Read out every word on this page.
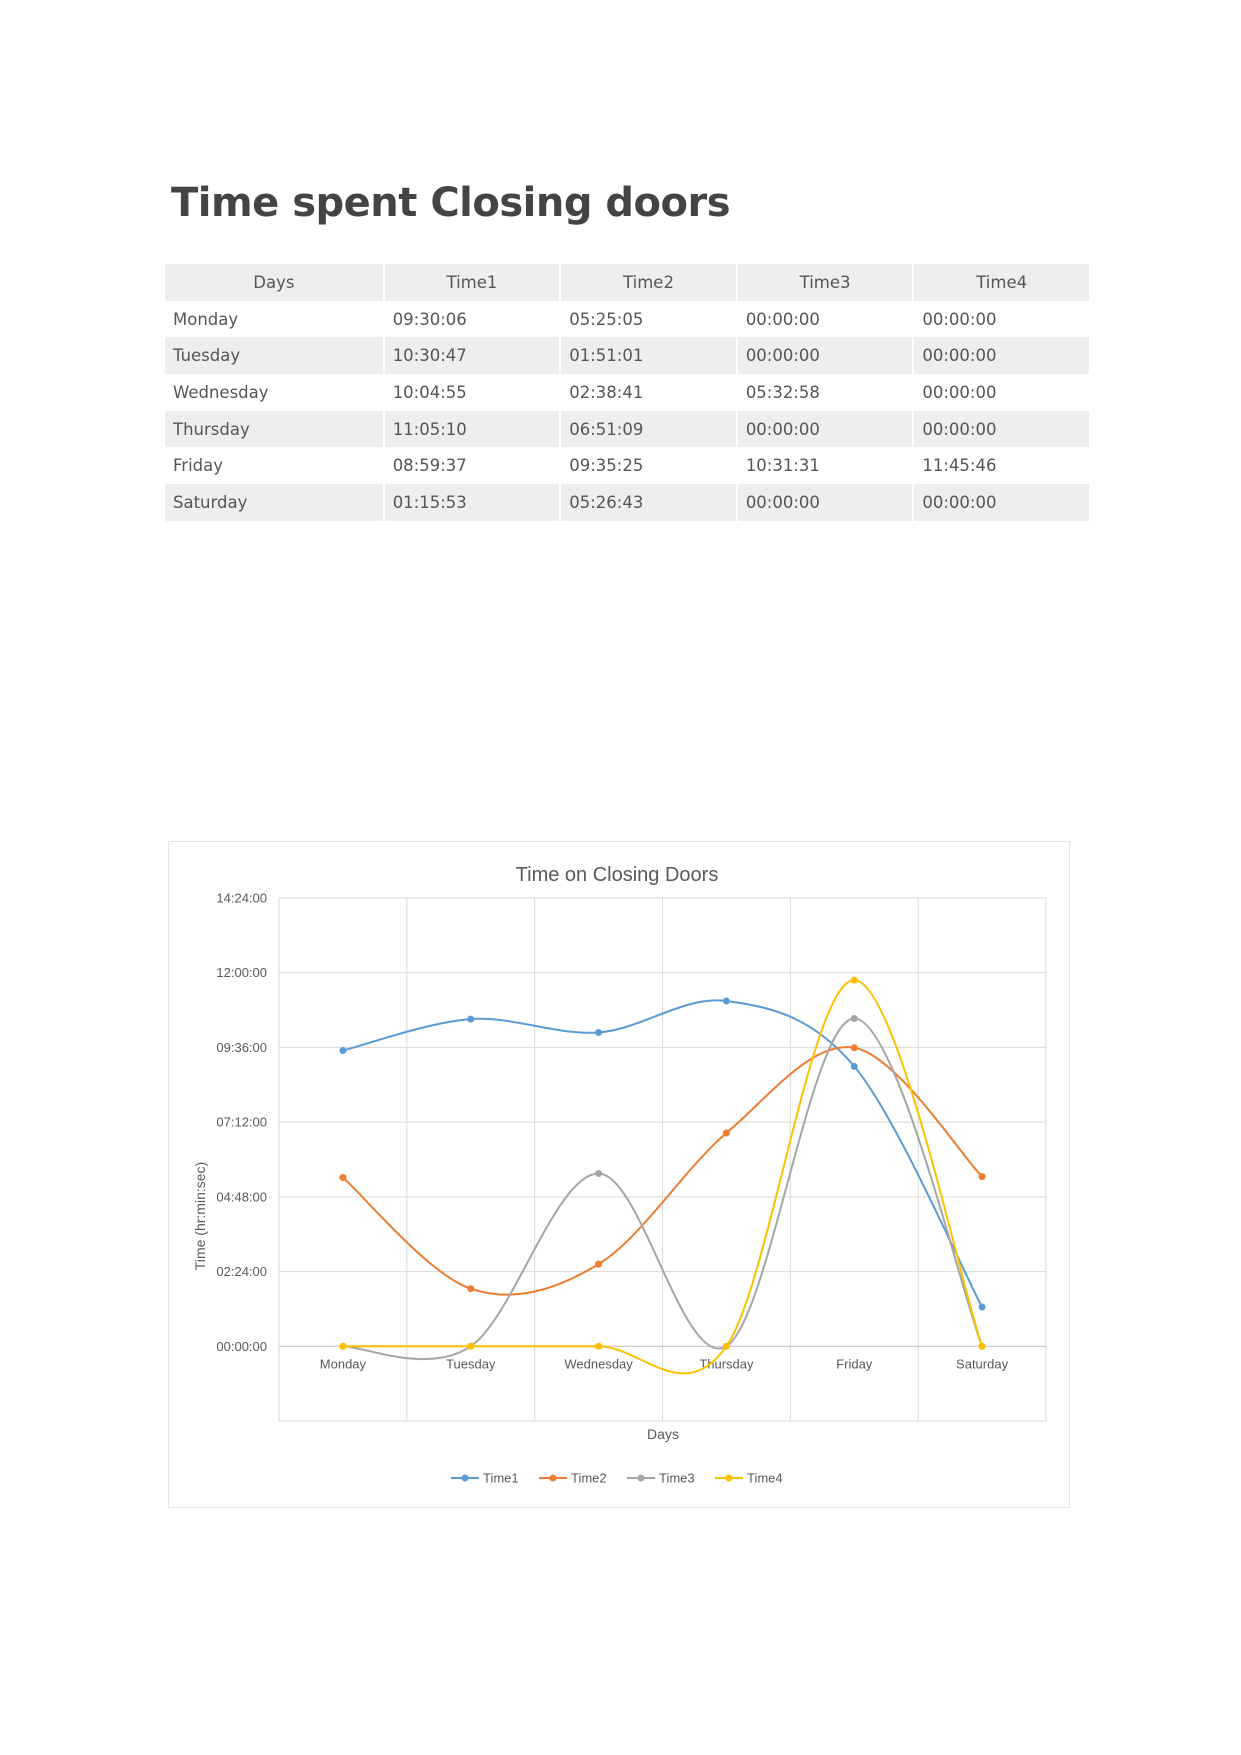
Time spent Closing doors
Days	Time1	Time2	Time3	Time4
Monday	09:30:06	05:25:05	00:00:00	00:00:00
Tuesday	10:30:47	01:51:01	00:00:00	00:00:00
Wednesday	10:04:55	02:38:41	05:32:58	00:00:00
Thursday	11:05:10	06:51:09	00:00:00	00:00:00
Friday	08:59:37	09:35:25	10:31:31	11:45:46
Saturday	01:15:53	05:26:43	00:00:00	00:00:00
Time on Closing Doors
Days
Time (hr:min:sec)
00:00:00
02:24:00
04:48:00
07:12:00
09:36:00
12:00:00
14:24:00
Monday	Tuesday	Wednesday	Thursday	Friday	Saturday
Time1	Time2	Time3	Time4
